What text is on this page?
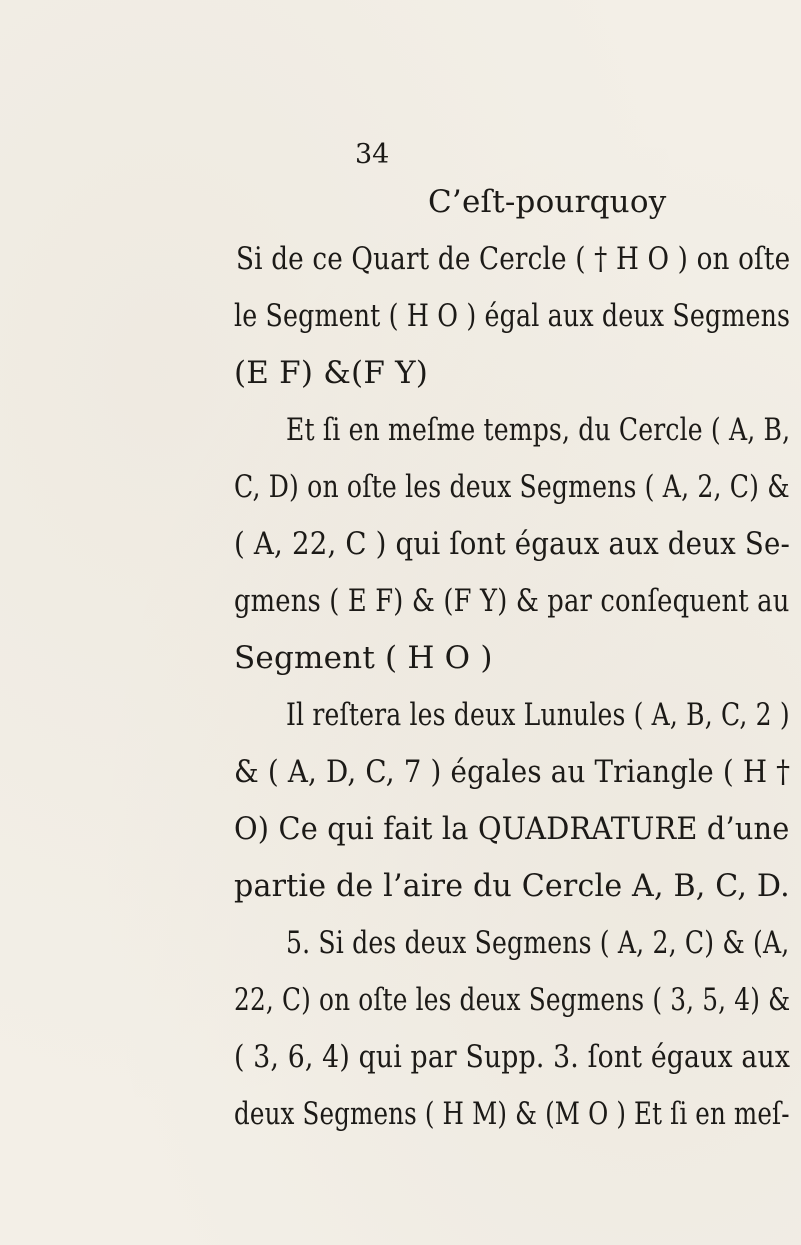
34
C’eſt-pourquoy
Si de ce Quart de Cercle ( † H O ) on oſte
le Segment ( H O ) égal aux deux Segmens
(E F) &(F Y)
Et ſi en meſme temps, du Cercle ( A, B,
C, D) on oſte les deux Segmens ( A, 2, C) &
( A, 22, C ) qui ſont égaux aux deux Se-
gmens ( E F) & (F Y) & par conſequent au
Segment ( H O )
Il reſtera les deux Lunules ( A, B, C, 2 )
& ( A, D, C, 7 ) égales au Triangle ( H †
O) Ce qui fait la QUADRATURE d’une
partie de l’aire du Cercle A, B, C, D.
5. Si des deux Segmens ( A, 2, C) & (A,
22, C) on oſte les deux Segmens ( 3, 5, 4) &
( 3, 6, 4) qui par Supp. 3. ſont égaux aux
deux Segmens ( H M) & (M O ) Et ſi en meſ-
